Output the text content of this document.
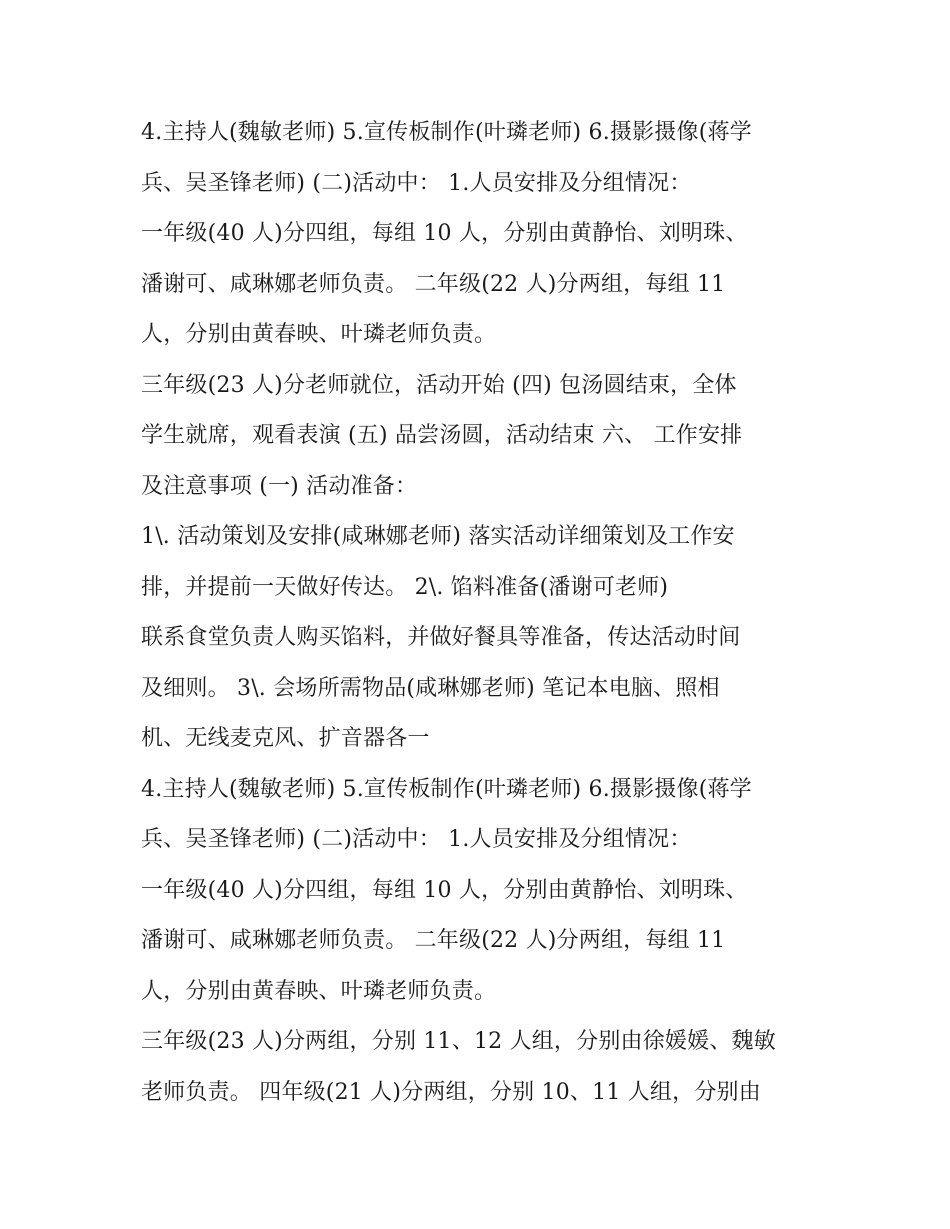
4.主持人(魏敏老师) 5.宣传板制作(叶璘老师) 6.摄影摄像(蒋学
兵、吴圣锋老师) (二)活动中： 1.人员安排及分组情况：
一年级(40 人)分四组，每组 10 人，分别由黄静怡、刘明珠、
潘谢可、咸琳娜老师负责。 二年级(22 人)分两组，每组 11
人，分别由黄春映、叶璘老师负责。
三年级(23 人)分老师就位，活动开始 (四) 包汤圆结束，全体
学生就席，观看表演 (五) 品尝汤圆，活动结束 六、 工作安排
及注意事项 (一) 活动准备：
1\. 活动策划及安排(咸琳娜老师) 落实活动详细策划及工作安
排，并提前一天做好传达。 2\. 馅料准备(潘谢可老师)
联系食堂负责人购买馅料，并做好餐具等准备，传达活动时间
及细则。 3\. 会场所需物品(咸琳娜老师) 笔记本电脑、照相
机、无线麦克风、扩音器各一
4.主持人(魏敏老师) 5.宣传板制作(叶璘老师) 6.摄影摄像(蒋学
兵、吴圣锋老师) (二)活动中： 1.人员安排及分组情况：
一年级(40 人)分四组，每组 10 人，分别由黄静怡、刘明珠、
潘谢可、咸琳娜老师负责。 二年级(22 人)分两组，每组 11
人，分别由黄春映、叶璘老师负责。
三年级(23 人)分两组，分别 11、12 人组，分别由徐媛媛、魏敏
老师负责。 四年级(21 人)分两组，分别 10、11 人组，分别由
